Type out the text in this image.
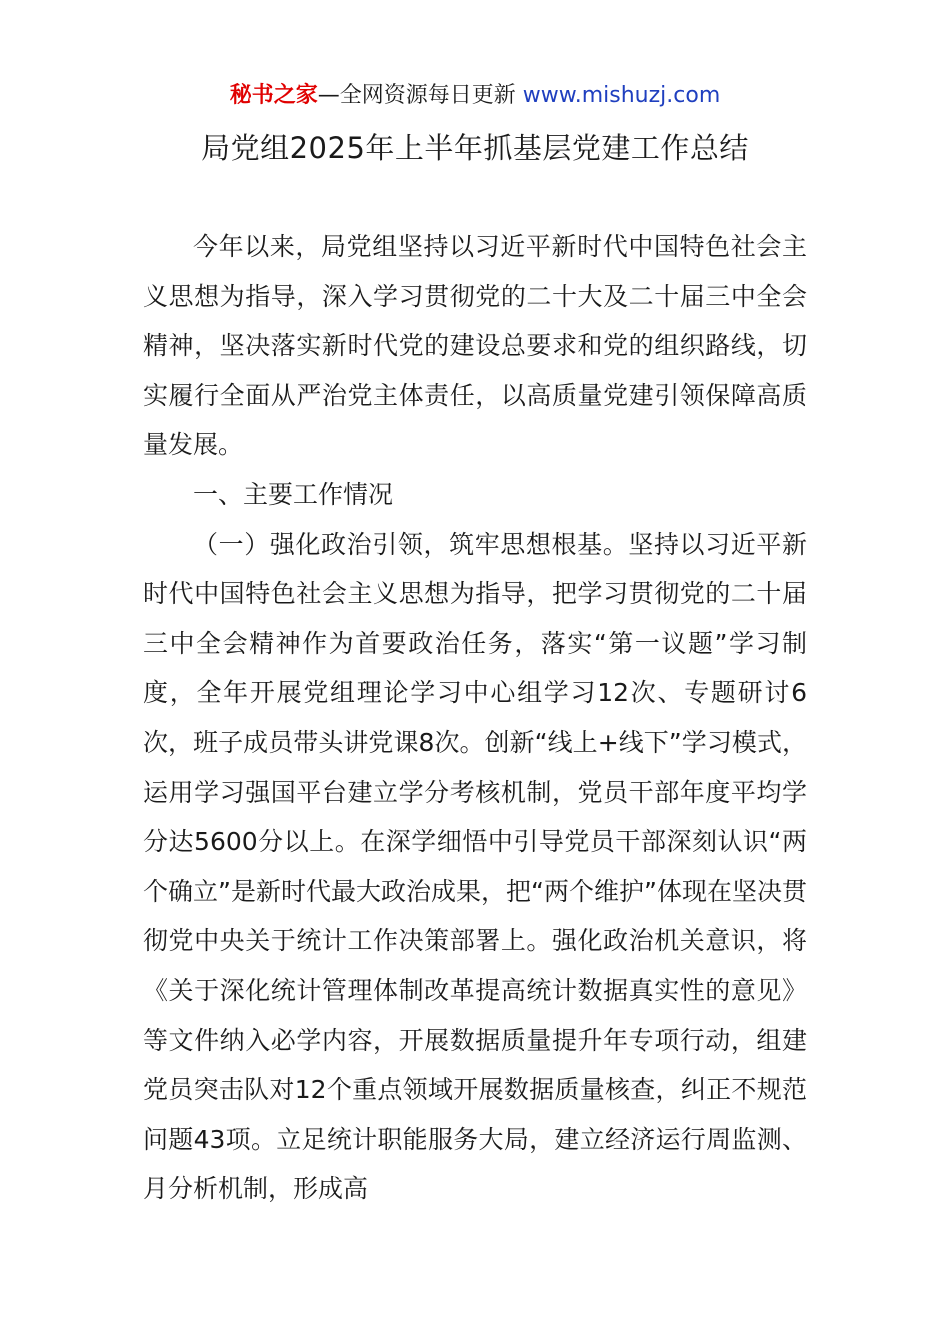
秘书之家—全网资源每日更新 www.mishuzj.com
局党组2025年上半年抓基层党建工作总结

今年以来，局党组坚持以习近平新时代中国特色社会主义思想为指导，深入学习贯彻党的二十大及二十届三中全会精神，坚决落实新时代党的建设总要求和党的组织路线，切实履行全面从严治党主体责任，以高质量党建引领保障高质量发展。

一、主要工作情况

（一）强化政治引领，筑牢思想根基。坚持以习近平新时代中国特色社会主义思想为指导，把学习贯彻党的二十届三中全会精神作为首要政治任务，落实“第一议题”学习制度，全年开展党组理论学习中心组学习12次、专题研讨6次，班子成员带头讲党课8次。创新“线上+线下”学习模式，运用学习强国平台建立学分考核机制，党员干部年度平均学分达5600分以上。在深学细悟中引导党员干部深刻认识“两个确立”是新时代最大政治成果，把“两个维护”体现在坚决贯彻党中央关于统计工作决策部署上。强化政治机关意识，将《关于深化统计管理体制改革提高统计数据真实性的意见》等文件纳入必学内容，开展数据质量提升年专项行动，组建党员突击队对12个重点领域开展数据质量核查，纠正不规范问题43项。立足统计职能服务大局，建立经济运行周监测、月分析机制，形成高
